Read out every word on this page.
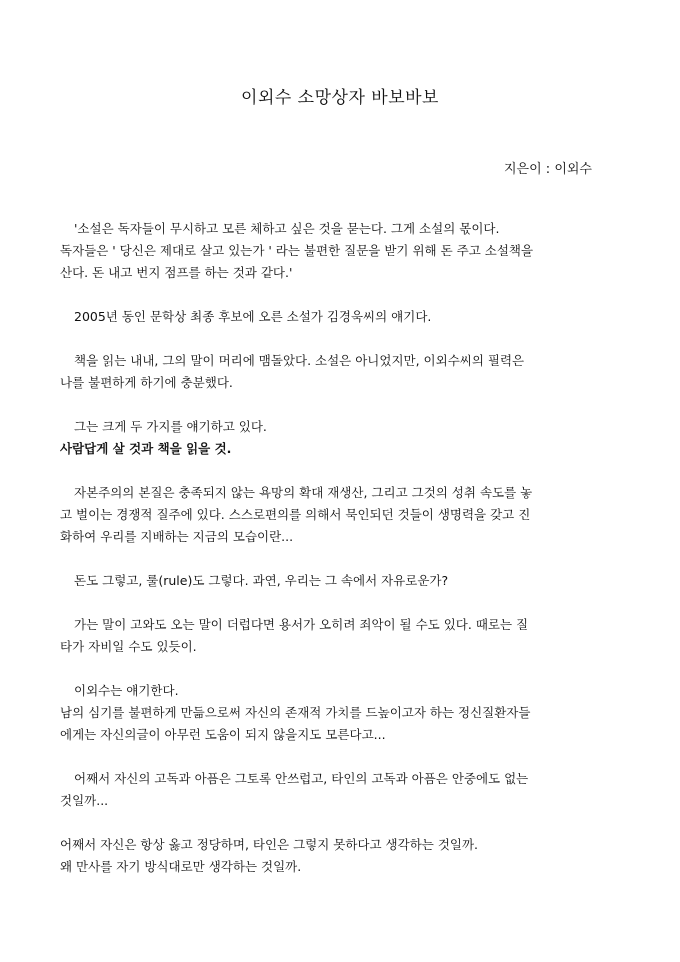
이외수 소망상자 바보바보

지은이 : 이외수

'소설은 독자들이 무시하고 모른 체하고 싶은 것을 묻는다. 그게 소설의 몫이다.
독자들은 ' 당신은 제대로 살고 있는가 ' 라는 불편한 질문을 받기 위해 돈 주고 소설책을
산다. 돈 내고 번지 점프를 하는 것과 같다.'

2005년 동인 문학상 최종 후보에 오른 소설가 김경욱씨의 얘기다.

책을 읽는 내내, 그의 말이 머리에 맴돌았다. 소설은 아니었지만, 이외수씨의 필력은
나를 불편하게 하기에 충분했다.

그는 크게 두 가지를 얘기하고 있다.
사람답게 살 것과 책을 읽을 것.

자본주의의 본질은 충족되지 않는 욕망의 확대 재생산, 그리고 그것의 성취 속도를 놓
고 벌이는 경쟁적 질주에 있다. 스스로편의를 의해서 묵인되던 것들이 생명력을 갖고 진
화하여 우리를 지배하는 지금의 모습이란...

돈도 그렇고, 룰(rule)도 그렇다. 과연, 우리는 그 속에서 자유로운가?

가는 말이 고와도 오는 말이 더럽다면 용서가 오히려 죄악이 될 수도 있다. 때로는 질
타가 자비일 수도 있듯이.

이외수는 얘기한다.
남의 심기를 불편하게 만듦으로써 자신의 존재적 가치를 드높이고자 하는 정신질환자들
에게는 자신의글이 아무런 도움이 되지 않을지도 모른다고...

어째서 자신의 고독과 아픔은 그토록 안쓰럽고, 타인의 고독과 아픔은 안중에도 없는
것일까...

어째서 자신은 항상 옳고 정당하며, 타인은 그렇지 못하다고 생각하는 것일까.
왜 만사를 자기 방식대로만 생각하는 것일까.
